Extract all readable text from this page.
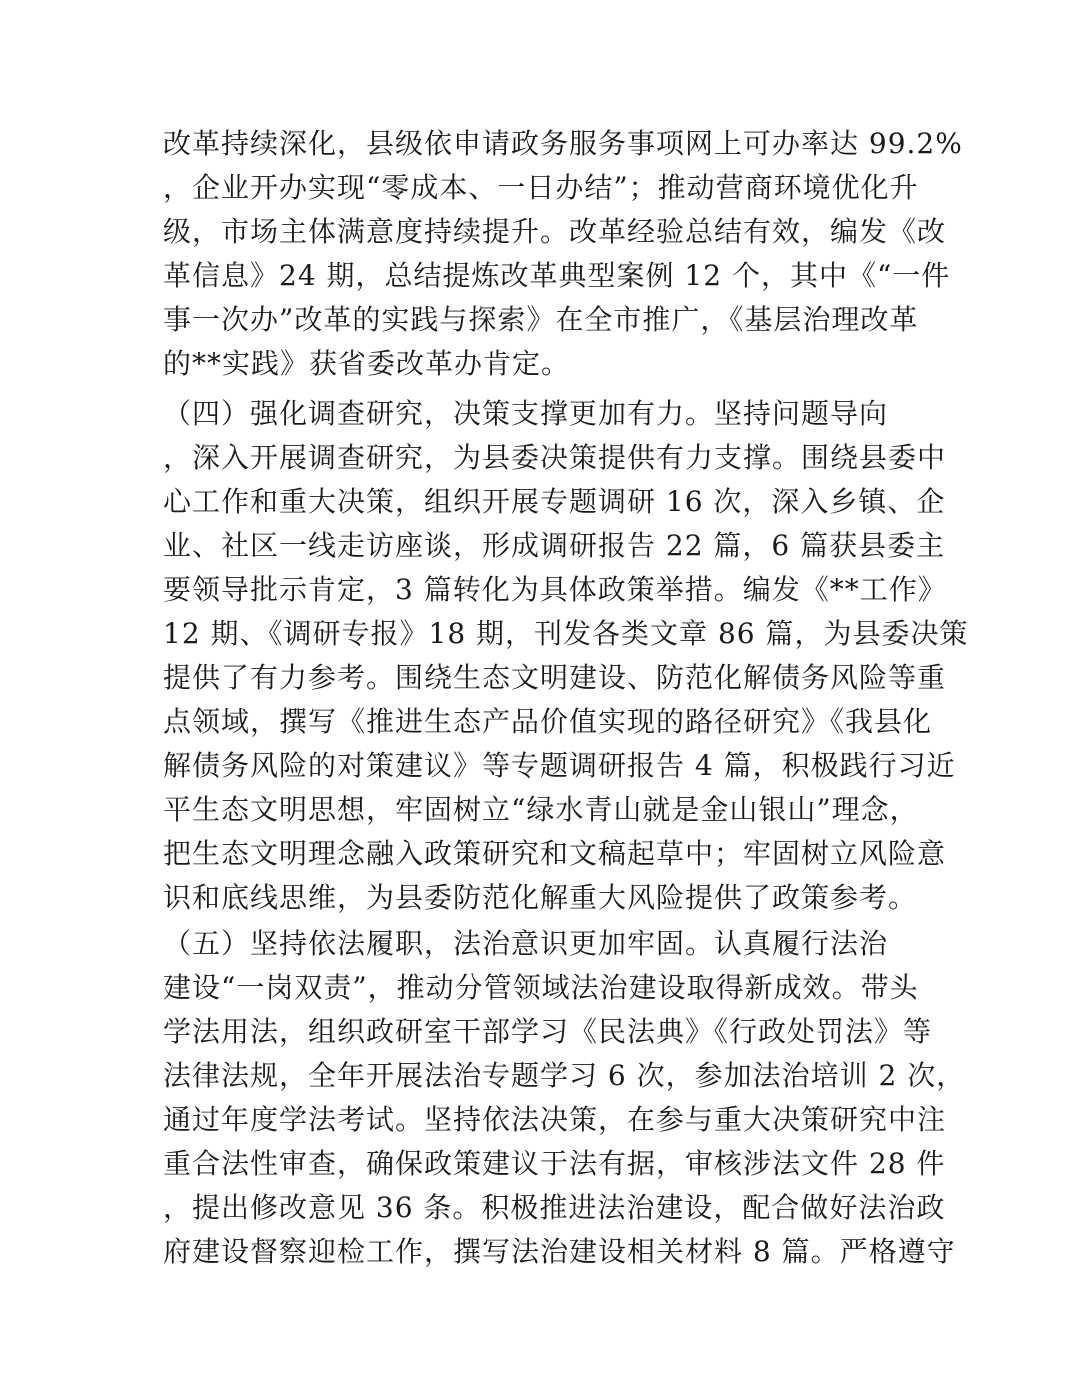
改革持续深化，县级依申请政务服务事项网上可办率达 99.2%
，企业开办实现“零成本、一日办结”；推动营商环境优化升
级，市场主体满意度持续提升。改革经验总结有效，编发《改
革信息》24 期，总结提炼改革典型案例 12 个，其中《“一件
事一次办”改革的实践与探索》在全市推广，《基层治理改革
的**实践》获省委改革办肯定。
（四）强化调查研究，决策支撑更加有力。坚持问题导向
，深入开展调查研究，为县委决策提供有力支撑。围绕县委中
心工作和重大决策，组织开展专题调研 16 次，深入乡镇、企
业、社区一线走访座谈，形成调研报告 22 篇，6 篇获县委主
要领导批示肯定，3 篇转化为具体政策举措。编发《**工作》
12 期、《调研专报》18 期，刊发各类文章 86 篇，为县委决策
提供了有力参考。围绕生态文明建设、防范化解债务风险等重
点领域，撰写《推进生态产品价值实现的路径研究》《我县化
解债务风险的对策建议》等专题调研报告 4 篇，积极践行习近
平生态文明思想，牢固树立“绿水青山就是金山银山”理念，
把生态文明理念融入政策研究和文稿起草中；牢固树立风险意
识和底线思维，为县委防范化解重大风险提供了政策参考。
（五）坚持依法履职，法治意识更加牢固。认真履行法治
建设“一岗双责”，推动分管领域法治建设取得新成效。带头
学法用法，组织政研室干部学习《民法典》《行政处罚法》等
法律法规，全年开展法治专题学习 6 次，参加法治培训 2 次，
通过年度学法考试。坚持依法决策，在参与重大决策研究中注
重合法性审查，确保政策建议于法有据，审核涉法文件 28 件
，提出修改意见 36 条。积极推进法治建设，配合做好法治政
府建设督察迎检工作，撰写法治建设相关材料 8 篇。严格遵守
